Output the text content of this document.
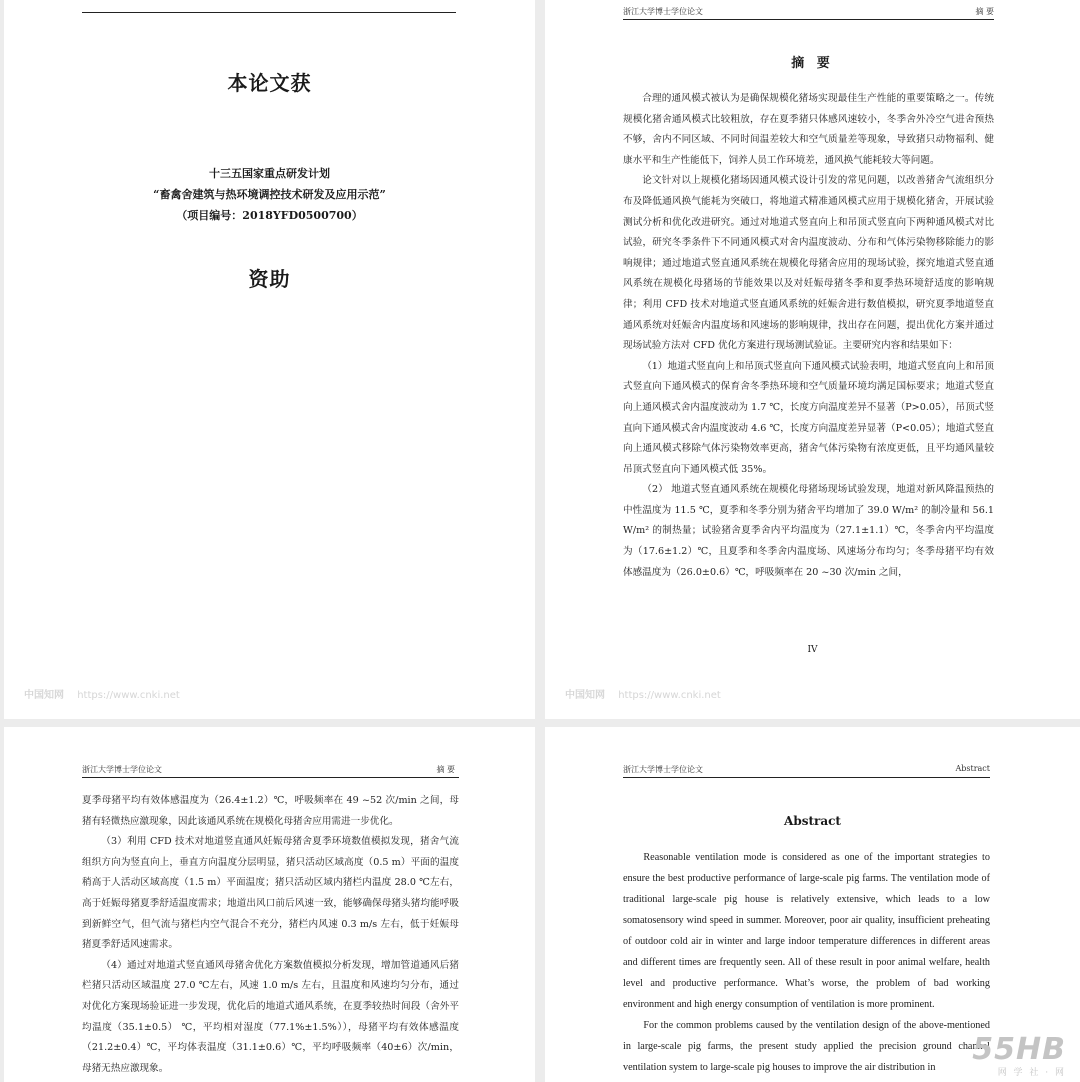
本论文获
十三五国家重点研发计划
“畜禽舍建筑与热环境调控技术研发及应用示范”
（项目编号：2018YFD0500700）
资助
中国知网 https://www.cnki.net
浙江大学博士学位论文	摘 要
摘 要

合理的通风模式被认为是确保规模化猪场实现最佳生产性能的重要策略之一。传统规模化猪舍通风模式比较粗放，存在夏季猪只体感风速较小，冬季舍外冷空气进舍预热不够，舍内不同区域、不同时间温差较大和空气质量差等现象，导致猪只动物福利、健康水平和生产性能低下，饲养人员工作环境差，通风换气能耗较大等问题。

论文针对以上规模化猪场因通风模式设计引发的常见问题，以改善猪舍气流组织分布及降低通风换气能耗为突破口，将地道式精准通风模式应用于规模化猪舍，开展试验测试分析和优化改进研究。通过对地道式竖直向上和吊顶式竖直向下两种通风模式对比试验，研究冬季条件下不同通风模式对舍内温度波动、分布和气体污染物移除能力的影响规律；通过地道式竖直通风系统在规模化母猪舍应用的现场试验，探究地道式竖直通风系统在规模化母猪场的节能效果以及对妊娠母猪冬季和夏季热环境舒适度的影响规律；利用 CFD 技术对地道式竖直通风系统的妊娠舍进行数值模拟，研究夏季地道竖直通风系统对妊娠舍内温度场和风速场的影响规律，找出存在问题，提出优化方案并通过现场试验方法对 CFD 优化方案进行现场测试验证。主要研究内容和结果如下：

（1）地道式竖直向上和吊顶式竖直向下通风模式试验表明，地道式竖直向上和吊顶式竖直向下通风模式的保育舍冬季热环境和空气质量环境均满足国标要求；地道式竖直向上通风模式舍内温度波动为 1.7 ℃，长度方向温度差异不显著（P>0.05），吊顶式竖直向下通风模式舍内温度波动 4.6 ℃，长度方向温度差异显著（P<0.05）；地道式竖直向上通风模式移除气体污染物效率更高，猪舍气体污染物有浓度更低，且平均通风量较吊顶式竖直向下通风模式低 35%。

（2） 地道式竖直通风系统在规模化母猪场现场试验发现，地道对新风降温预热的中性温度为 11.5 ℃，夏季和冬季分别为猪舍平均增加了 39.0 W/m² 的制冷量和 56.1 W/m² 的制热量；试验猪舍夏季舍内平均温度为（27.1±1.1）℃，冬季舍内平均温度为（17.6±1.2）℃，且夏季和冬季舍内温度场、风速场分布均匀；冬季母猪平均有效体感温度为（26.0±0.6）℃，呼吸频率在 20 ~30 次/min 之间，

IV
中国知网 https://www.cnki.net
浙江大学博士学位论文	摘 要

夏季母猪平均有效体感温度为（26.4±1.2）℃，呼吸频率在 49 ~52 次/min 之间，母猪有轻微热应激现象，因此该通风系统在规模化母猪舍应用需进一步优化。

（3）利用 CFD 技术对地道竖直通风妊娠母猪舍夏季环境数值模拟发现，猪舍气流组织方向为竖直向上，垂直方向温度分层明显，猪只活动区域高度（0.5 m）平面的温度稍高于人活动区域高度（1.5 m）平面温度；猪只活动区域内猪栏内温度 28.0 ℃左右，高于妊娠母猪夏季舒适温度需求；地道出风口前后风速一致，能够确保母猪头猪均能呼吸到新鲜空气，但气流与猪栏内空气混合不充分，猪栏内风速 0.3 m/s 左右，低于妊娠母猪夏季舒适风速需求。

（4）通过对地道式竖直通风母猪舍优化方案数值模拟分析发现，增加管道通风后猪栏猪只活动区域温度 27.0 ℃左右，风速 1.0 m/s 左右，且温度和风速均匀分布，通过对优化方案现场验证进一步发现，优化后的地道式通风系统，在夏季较热时间段（舍外平均温度（35.1±0.5） ℃，平均相对湿度（77.1%±1.5%）），母猪平均有效体感温度（21.2±0.4）℃，平均体表温度（31.1±0.6）℃，平均呼吸频率（40±6）次/min，母猪无热应激现象。

浙江大学博士学位论文	Abstract
Abstract

Reasonable ventilation mode is considered as one of the important strategies to ensure the best productive performance of large-scale pig farms. The ventilation mode of traditional large-scale pig house is relatively extensive, which leads to a low somatosensory wind speed in summer. Moreover, poor air quality, insufficient preheating of outdoor cold air in winter and large indoor temperature differences in different areas and different times are frequently seen. All of these result in poor animal welfare, health level and productive performance. What’s worse, the problem of bad working environment and high energy consumption of ventilation is more prominent.

For the common problems caused by the ventilation design of the above-mentioned in large-scale pig farms, the present study applied the precision ground channel ventilation system to large-scale pig houses to improve the air distribution in

55HB
网 学 社 · 网
